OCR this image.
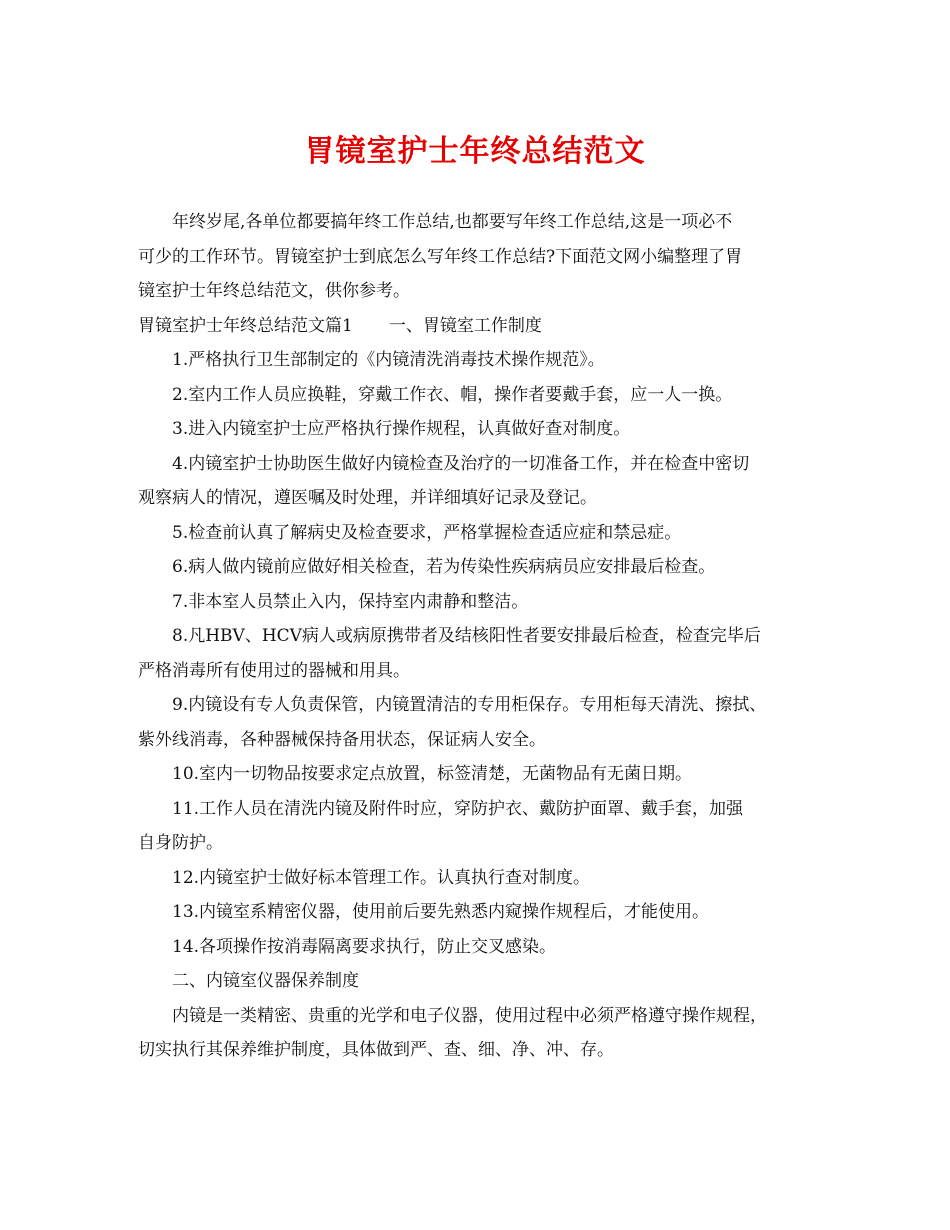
胃镜室护士年终总结范文
年终岁尾,各单位都要搞年终工作总结,也都要写年终工作总结,这是一项必不
可少的工作环节。胃镜室护士到底怎么写年终工作总结?下面范文网小编整理了胃
镜室护士年终总结范文，供你参考。
胃镜室护士年终总结范文篇1 一、胃镜室工作制度
1.严格执行卫生部制定的《内镜清洗消毒技术操作规范》。
2.室内工作人员应换鞋，穿戴工作衣、帽，操作者要戴手套，应一人一换。
3.进入内镜室护士应严格执行操作规程，认真做好查对制度。
4.内镜室护士协助医生做好内镜检查及治疗的一切准备工作，并在检查中密切
观察病人的情况，遵医嘱及时处理，并详细填好记录及登记。
5.检查前认真了解病史及检查要求，严格掌握检查适应症和禁忌症。
6.病人做内镜前应做好相关检查，若为传染性疾病病员应安排最后检查。
7.非本室人员禁止入内，保持室内肃静和整洁。
8.凡HBV、HCV病人或病原携带者及结核阳性者要安排最后检查，检查完毕后
严格消毒所有使用过的器械和用具。
9.内镜设有专人负责保管，内镜置清洁的专用柜保存。专用柜每天清洗、擦拭、
紫外线消毒，各种器械保持备用状态，保证病人安全。
10.室内一切物品按要求定点放置，标签清楚，无菌物品有无菌日期。
11.工作人员在清洗内镜及附件时应，穿防护衣、戴防护面罩、戴手套，加强
自身防护。
12.内镜室护士做好标本管理工作。认真执行查对制度。
13.内镜室系精密仪器，使用前后要先熟悉内窥操作规程后，才能使用。
14.各项操作按消毒隔离要求执行，防止交叉感染。
二、内镜室仪器保养制度
内镜是一类精密、贵重的光学和电子仪器，使用过程中必须严格遵守操作规程，
切实执行其保养维护制度，具体做到严、查、细、净、冲、存。
